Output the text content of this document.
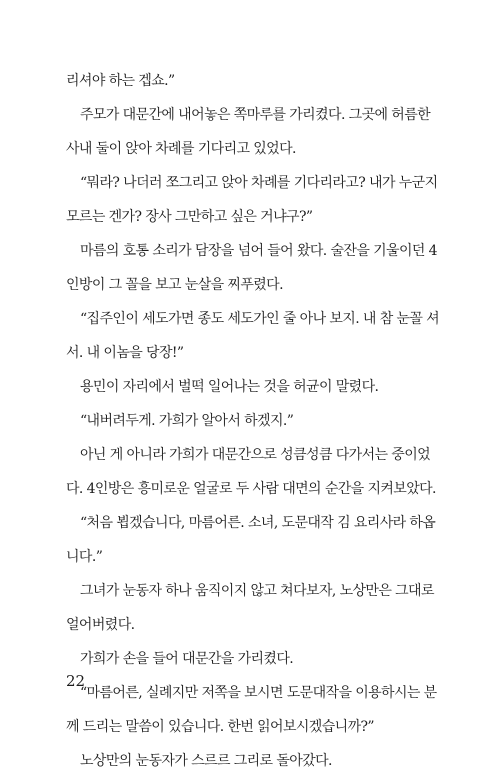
리셔야 하는 겝쇼.”
주모가 대문간에 내어놓은 쪽마루를 가리켰다. 그곳에 허름한
사내 둘이 앉아 차례를 기다리고 있었다.
“뭐라? 나더러 쪼그리고 앉아 차례를 기다리라고? 내가 누군지
모르는 겐가? 장사 그만하고 싶은 거냐구?”
마름의 호통 소리가 담장을 넘어 들어 왔다. 술잔을 기울이던 4
인방이 그 꼴을 보고 눈살을 찌푸렸다.
“집주인이 세도가면 종도 세도가인 줄 아나 보지. 내 참 눈꼴 셔
서. 내 이놈을 당장!”
용민이 자리에서 벌떡 일어나는 것을 허균이 말렸다.
“내버려두게. 가희가 알아서 하겠지.”
아닌 게 아니라 가희가 대문간으로 성큼성큼 다가서는 중이었
다. 4인방은 흥미로운 얼굴로 두 사람 대면의 순간을 지켜보았다.
“처음 뵙겠습니다, 마름어른. 소녀, 도문대작 김 요리사라 하옵
니다.”
그녀가 눈동자 하나 움직이지 않고 쳐다보자, 노상만은 그대로
얼어버렸다.
가희가 손을 들어 대문간을 가리켰다.
“마름어른, 실례지만 저쪽을 보시면 도문대작을 이용하시는 분
께 드리는 말씀이 있습니다. 한번 읽어보시겠습니까?”
노상만의 눈동자가 스르르 그리로 돌아갔다.
22
